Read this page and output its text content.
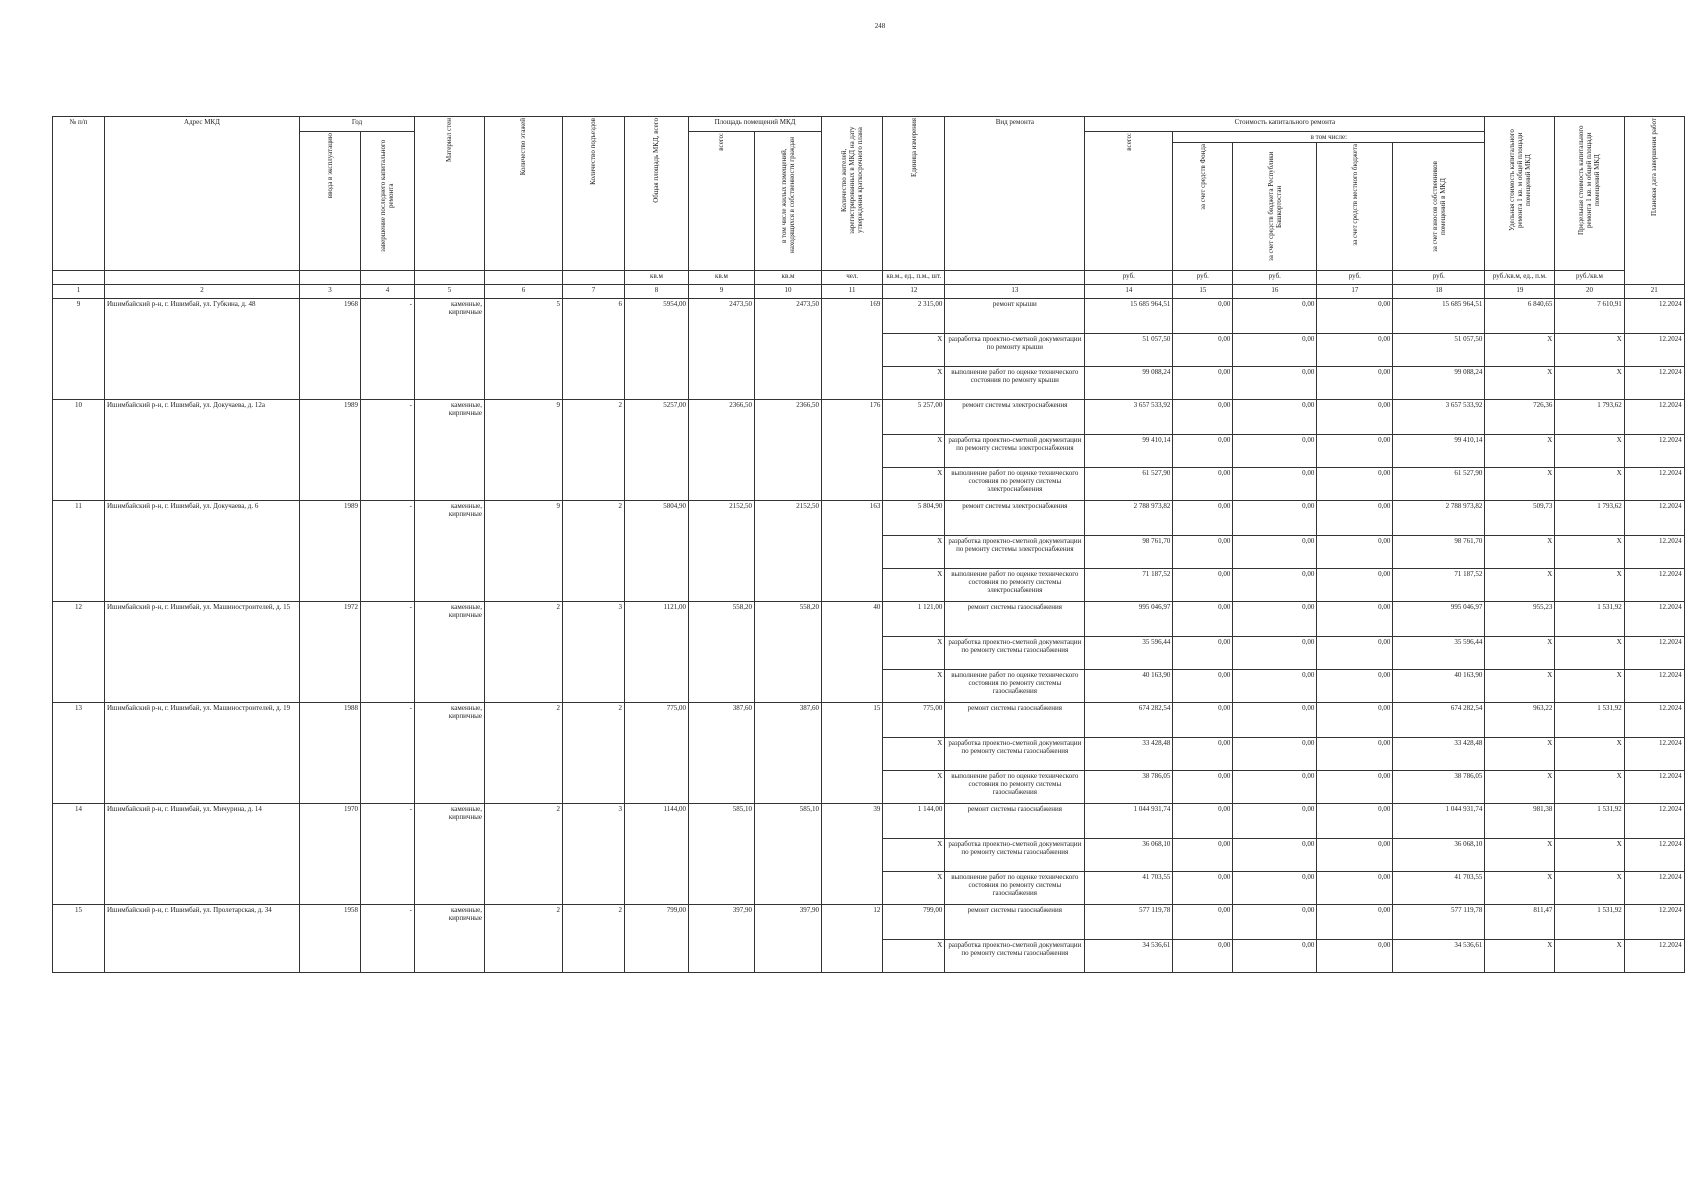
248
№ п/п	Адрес МКД	Год		Материал стен	Количество этажей	Количество подъездов	Общая площадь МКД, всего	Площадь помещений МКД		Количество жителей, зарегистрированных в МКД на дату утверждения краткосрочного плана	Единица измерения	Вид ремонта	Стоимость капитального ремонта					Удельная стоимость капитального ремонта 1 кв. м общей площади помещений МКД	Предельная стоимость капитального ремонта 1 кв. м общей площади помещений МКД	Плановая дата завершения работ

		ввода в эксплуатацию	завершение последнего капитального ремонта					всего:	в том числе жилых помещений, находящихся в собственности граждан				всего:	в том числе:						

														за счет средств Фонда	за счет средств бюджета Республики Башкортостан	за счет средств местного бюджета	за счет взносов собственников помещений в МКД			

							кв.м	кв.м	кв.м	чел.	кв.м., ед., п.м., шт.		руб.	руб.	руб.	руб.	руб.	руб./кв.м, ед., п.м.	руб./кв.м	
1	2	3	4	5	6	7	8	9	10	11	12	13	14	15	16	17	18	19	20	21
9	Ишимбайский р-н, г. Ишимбай, ул. Губкина, д. 48	1968	-	каменные, кирпичные	5	6	5954,00	2473,50	2473,50	169	2 315,00	ремонт крыши	15 685 964,51	0,00	0,00	0,00	15 685 964,51	6 840,65	7 610,91	12.2024
											X	разработка проектно-сметной документации по ремонту крыши	51 057,50	0,00	0,00	0,00	51 057,50	X	X	12.2024
											X	выполнение работ по оценке технического состояния по ремонту крыши	99 088,24	0,00	0,00	0,00	99 088,24	X	X	12.2024
10	Ишимбайский р-н, г. Ишимбай, ул. Докучаева, д. 12а	1989	-	каменные, кирпичные	9	2	5257,00	2366,50	2366,50	176	5 257,00	ремонт системы электроснабжения	3 657 533,92	0,00	0,00	0,00	3 657 533,92	726,36	1 793,62	12.2024
											X	разработка проектно-сметной документации по ремонту системы электроснабжения	99 410,14	0,00	0,00	0,00	99 410,14	X	X	12.2024
											X	выполнение работ по оценке технического состояния по ремонту системы электроснабжения	61 527,90	0,00	0,00	0,00	61 527,90	X	X	12.2024
11	Ишимбайский р-н, г. Ишимбай, ул. Докучаева, д. 6	1989	-	каменные, кирпичные	9	2	5804,90	2152,50	2152,50	163	5 804,90	ремонт системы электроснабжения	2 788 973,82	0,00	0,00	0,00	2 788 973,82	509,73	1 793,62	12.2024
											X	разработка проектно-сметной документации по ремонту системы электроснабжения	98 761,70	0,00	0,00	0,00	98 761,70	X	X	12.2024
											X	выполнение работ по оценке технического состояния по ремонту системы электроснабжения	71 187,52	0,00	0,00	0,00	71 187,52	X	X	12.2024
12	Ишимбайский р-н, г. Ишимбай, ул. Машиностроителей, д. 15	1972	-	каменные, кирпичные	2	3	1121,00	558,20	558,20	40	1 121,00	ремонт системы газоснабжения	995 046,97	0,00	0,00	0,00	995 046,97	955,23	1 531,92	12.2024
											X	разработка проектно-сметной документации по ремонту системы газоснабжения	35 596,44	0,00	0,00	0,00	35 596,44	X	X	12.2024
											X	выполнение работ по оценке технического состояния по ремонту системы газоснабжения	40 163,90	0,00	0,00	0,00	40 163,90	X	X	12.2024
13	Ишимбайский р-н, г. Ишимбай, ул. Машиностроителей, д. 19	1988	-	каменные, кирпичные	2	2	775,00	387,60	387,60	15	775,00	ремонт системы газоснабжения	674 282,54	0,00	0,00	0,00	674 282,54	963,22	1 531,92	12.2024
											X	разработка проектно-сметной документации по ремонту системы газоснабжения	33 428,48	0,00	0,00	0,00	33 428,48	X	X	12.2024
											X	выполнение работ по оценке технического состояния по ремонту системы газоснабжения	38 786,05	0,00	0,00	0,00	38 786,05	X	X	12.2024
14	Ишимбайский р-н, г. Ишимбай, ул. Мичурина, д. 14	1970	-	каменные, кирпичные	2	3	1144,00	585,10	585,10	39	1 144,00	ремонт системы газоснабжения	1 044 931,74	0,00	0,00	0,00	1 044 931,74	981,38	1 531,92	12.2024
											X	разработка проектно-сметной документации по ремонту системы газоснабжения	36 068,10	0,00	0,00	0,00	36 068,10	X	X	12.2024
											X	выполнение работ по оценке технического состояния по ремонту системы газоснабжения	41 703,55	0,00	0,00	0,00	41 703,55	X	X	12.2024
15	Ишимбайский р-н, г. Ишимбай, ул. Пролетарская, д. 34	1958	-	каменные, кирпичные	2	2	799,00	397,90	397,90	12	799,00	ремонт системы газоснабжения	577 119,78	0,00	0,00	0,00	577 119,78	811,47	1 531,92	12.2024
											X	разработка проектно-сметной документации по ремонту системы газоснабжения	34 536,61	0,00	0,00	0,00	34 536,61	X	X	12.2024
